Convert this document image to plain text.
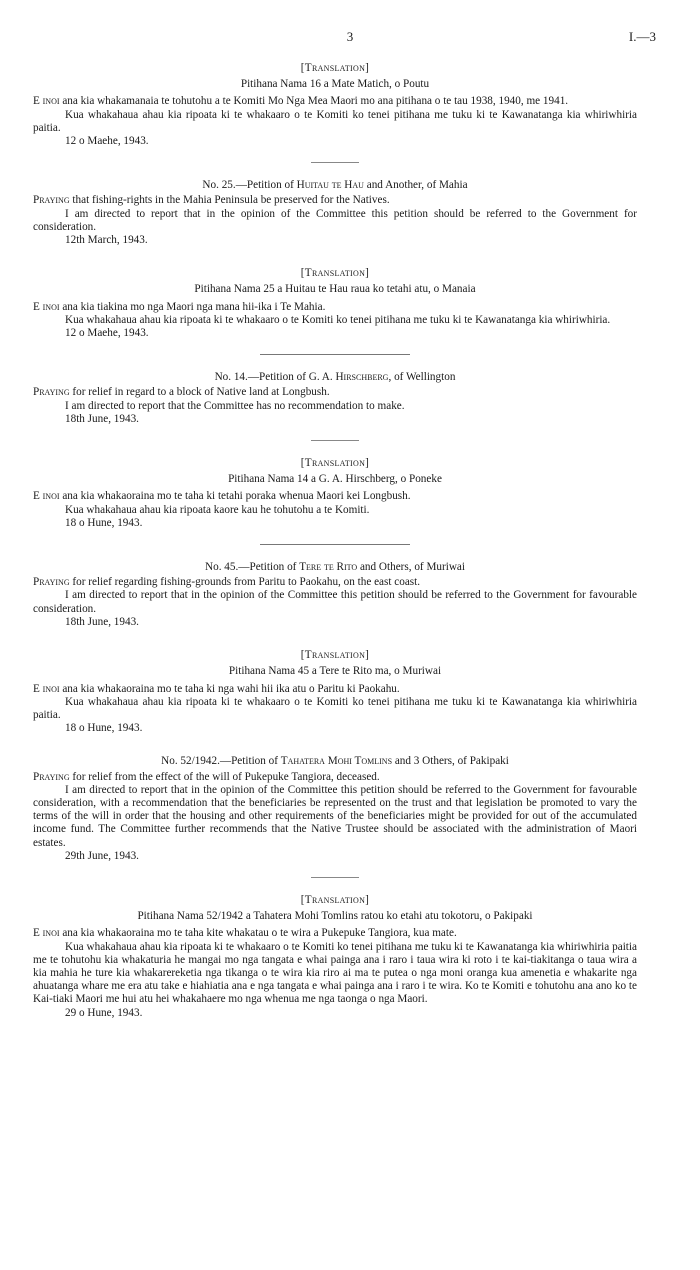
3	I.—3
[Translation]
Pitihana Nama 16 a Mate Matich, o Poutu

E inoi ana kia whakamanaia te tohutohu a te Komiti Mo Nga Mea Maori mo ana pitihana o te tau 1938, 1940, me 1941.

Kua whakahaua ahau kia ripoata ki te whakaaro o te Komiti ko tenei pitihana me tuku ki te Kawanatanga kia whiriwhiria paitia.

12 o Maehe, 1943.
No. 25.—Petition of Huitau te Hau and Another, of Mahia

Praying that fishing-rights in the Mahia Peninsula be preserved for the Natives.

I am directed to report that in the opinion of the Committee this petition should be referred to the Government for consideration.

12th March, 1943.
[Translation]
Pitihana Nama 25 a Huitau te Hau raua ko tetahi atu, o Manaia

E inoi ana kia tiakina mo nga Maori nga mana hii-ika i Te Mahia.

Kua whakahaua ahau kia ripoata ki te whakaaro o te Komiti ko tenei pitihana me tuku ki te Kawanatanga kia whiriwhiria.

12 o Maehe, 1943.
No. 14.—Petition of G. A. Hirschberg, of Wellington

Praying for relief in regard to a block of Native land at Longbush.

I am directed to report that the Committee has no recommendation to make.

18th June, 1943.
[Translation]
Pitihana Nama 14 a G. A. Hirschberg, o Poneke

E inoi ana kia whakaoraina mo te taha ki tetahi poraka whenua Maori kei Longbush.

Kua whakahaua ahau kia ripoata kaore kau he tohutohu a te Komiti.

18 o Hune, 1943.
No. 45.—Petition of Tere te Rito and Others, of Muriwai

Praying for relief regarding fishing-grounds from Paritu to Paokahu, on the east coast.

I am directed to report that in the opinion of the Committee this petition should be referred to the Government for favourable consideration.

18th June, 1943.
[Translation]
Pitihana Nama 45 a Tere te Rito ma, o Muriwai

E inoi ana kia whakaoraina mo te taha ki nga wahi hii ika atu o Paritu ki Paokahu.

Kua whakahaua ahau kia ripoata ki te whakaaro o te Komiti ko tenei pitihana me tuku ki te Kawanatanga kia whiriwhiria paitia.

18 o Hune, 1943.
No. 52/1942.—Petition of Tahatera Mohi Tomlins and 3 Others, of Pakipaki

Praying for relief from the effect of the will of Pukepuke Tangiora, deceased.

I am directed to report that in the opinion of the Committee this petition should be referred to the Government for favourable consideration, with a recommendation that the beneficiaries be represented on the trust and that legislation be promoted to vary the terms of the will in order that the housing and other requirements of the beneficiaries might be provided for out of the accumulated income fund. The Committee further recommends that the Native Trustee should be associated with the administration of Maori estates.

29th June, 1943.
[Translation]
Pitihana Nama 52/1942 a Tahatera Mohi Tomlins ratou ko etahi atu tokotoru, o Pakipaki

E inoi ana kia whakaoraina mo te taha kite whakatau o te wira a Pukepuke Tangiora, kua mate.

Kua whakahaua ahau kia ripoata ki te whakaaro o te Komiti ko tenei pitihana me tuku ki te Kawanatanga kia whiriwhiria paitia me te tohutohu kia whakaturia he mangai mo nga tangata e whai painga ana i raro i taua wira ki roto i te kai-tiakitanga o taua wira a kia mahia he ture kia whakarereketia nga tikanga o te wira kia riro ai ma te putea o nga moni oranga kua amenetia e whakarite nga ahuatanga whare me era atu take e hiahiatia ana e nga tangata e whai painga ana i raro i te wira. Ko te Komiti e tohutohu ana ano ko te Kai-tiaki Maori me hui atu hei whakahaere mo nga whenua me nga taonga o nga Maori.

29 o Hune, 1943.
